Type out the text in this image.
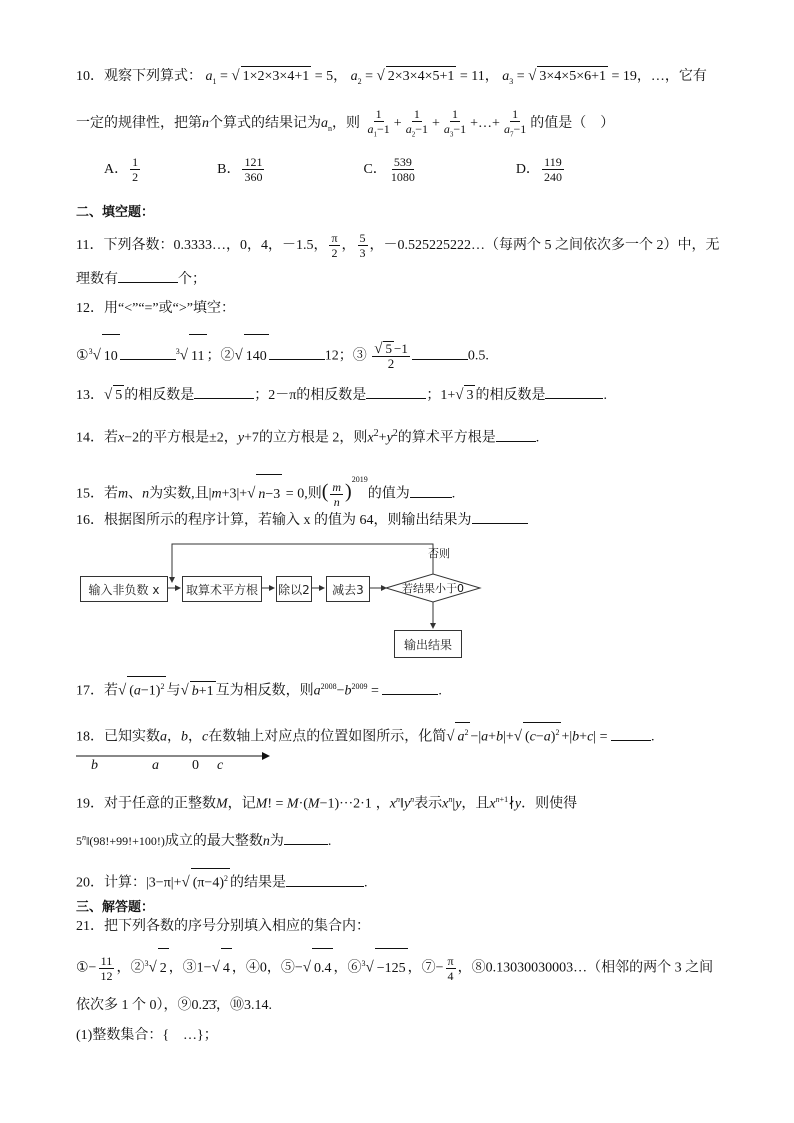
10．观察下列算式： $a_1$ = √ 1×2×3×4+1 = 5， $a_2$ = √ 2×3×4×5+1 = 11， $a_3$ = √ 3×4×5×6+1 = 19，…，它有
一定的规律性，把第n个算式的结果记为$a_n$，则 $\frac{1}{a_1-1} + \frac{1}{a_2-1} + \frac{1}{a_3-1}$ +…+ $\frac{1}{a_7-1}$ 的值是（　）
A． $\frac{1}{2}$	B． $\frac{121}{360}$	C． $\frac{539}{1080}$	D． $\frac{119}{240}$
二、填空题：
11．下列各数：0.3333…，0，4，－1.5， $\frac{\pi}{2}$ ， $\frac{5}{3}$ ，－0.525225222…（每两个 5 之间依次多一个 2）中，无
理数有	个；
12．用“<”“=”或“>”填空：
①$^3$√ 10	$^3$√ 11 ；②√ 140	12；③ $\frac{√ 5 -1}{2}$	0.5.
13．√ 5 的相反数是	；2－π的相反数是	；1+√ 3 的相反数是	.
14．若x−2的平方根是±2，y+7的立方根是 2，则$x^2+y^2$的算术平方根是	.
15．若m、n为实数,且|m+3|+√ n−3 = 0,则( $\frac{m}{n} )^{2019}$的值为	.
16．根据图所示的程序计算，若输入 x 的值为 64，则输出结果为
输入非负数 x	取算术平方根	除以2	减去3	若结果小于0
否则
输出结果
17．若√ $(a-1)^2$ 与√ b+1 互为相反数，则$a^{2008}-b^{2009}$ =	.
18．已知实数a，b，c在数轴上对应点的位置如图所示，化简√ $a^2 -|a+b|+√$ $(c-a)^2 +|b+c|$ =	.
b	a 0 c
19．对于任意的正整数M，记M! = M·(M−1)···2·1 ，$x^n‖y^n$表示$x^n|y$，且$x^{n+1}∤y$．则使得
$5^n‖(98!+99!+100!)$成立的最大整数n为	.
20．计算：|3−π|+√ $(\pi-4)^2$ 的结果是	.
三、解答题：
21．把下列各数的序号分别填入相应的集合内：
①− $\frac{11}{12}$ ，②$^3$√ 2 ，③1−√ 4 ，④0，⑤−√ 0.4 ，⑥$^3$√ −125 ，⑦− $\frac{\pi}{4}$ ，⑧0.13030030003…（相邻的两个 3 之间
依次多 1 个 0），⑨0.2̇3̇，⑩3.14.
(1)整数集合：{　…}；
